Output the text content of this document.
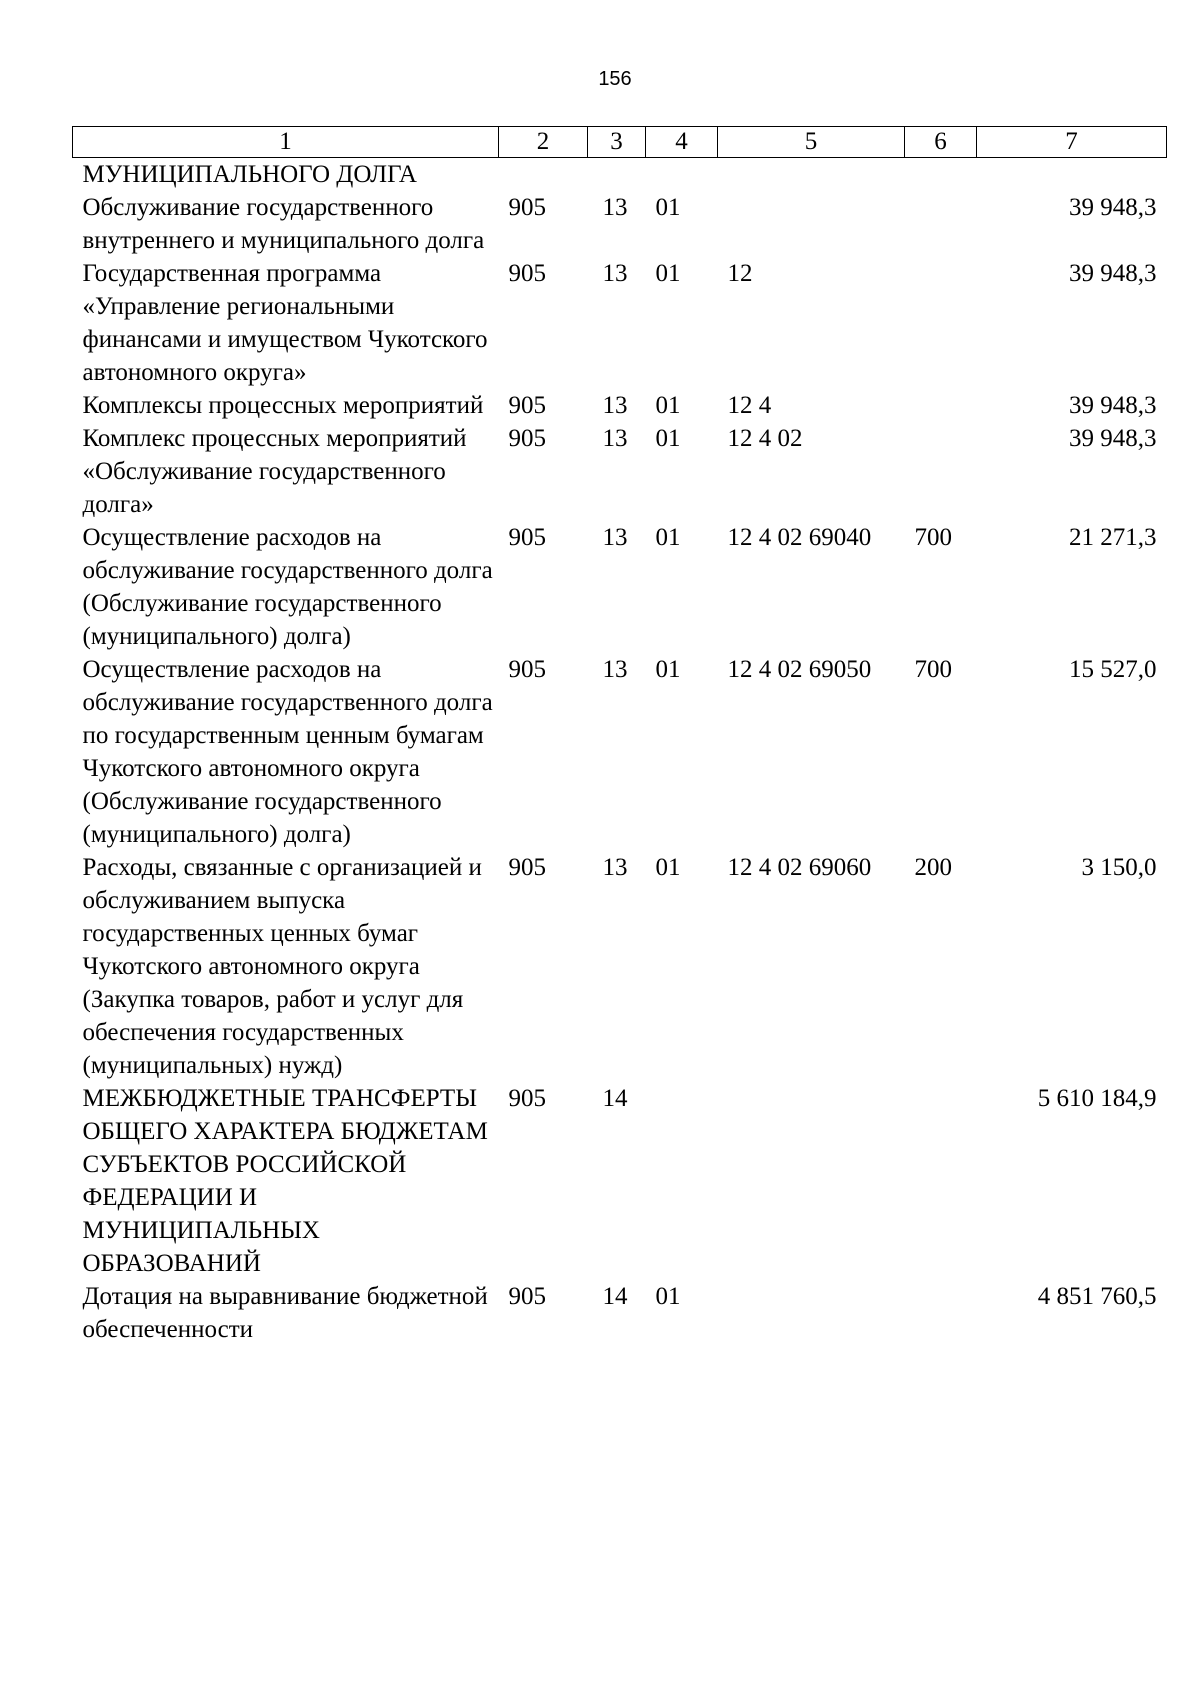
156
1	2	3	4	5	6	7
МУНИЦИПАЛЬНОГО ДОЛГА						
Обслуживание государственного внутреннего и муниципального долга	905	13	01			39 948,3
Государственная программа «Управление региональными финансами и имуществом Чукотского автономного округа»	905	13	01	12		39 948,3
Комплексы процессных мероприятий	905	13	01	12 4		39 948,3
Комплекс процессных мероприятий «Обслуживание государственного долга»	905	13	01	12 4 02		39 948,3
Осуществление расходов на обслуживание государственного долга (Обслуживание государственного (муниципального) долга)	905	13	01	12 4 02 69040	700	21 271,3
Осуществление расходов на обслуживание государственного долга по государственным ценным бумагам Чукотского автономного округа (Обслуживание государственного (муниципального) долга)	905	13	01	12 4 02 69050	700	15 527,0
Расходы, связанные с организацией и обслуживанием выпуска государственных ценных бумаг Чукотского автономного округа (Закупка товаров, работ и услуг для обеспечения государственных (муниципальных) нужд)	905	13	01	12 4 02 69060	200	3 150,0
МЕЖБЮДЖЕТНЫЕ ТРАНСФЕРТЫ ОБЩЕГО ХАРАКТЕРА БЮДЖЕТАМ СУБЪЕКТОВ РОССИЙСКОЙ ФЕДЕРАЦИИ И МУНИЦИПАЛЬНЫХ ОБРАЗОВАНИЙ	905	14				5 610 184,9
Дотация на выравнивание бюджетной обеспеченности	905	14	01			4 851 760,5
